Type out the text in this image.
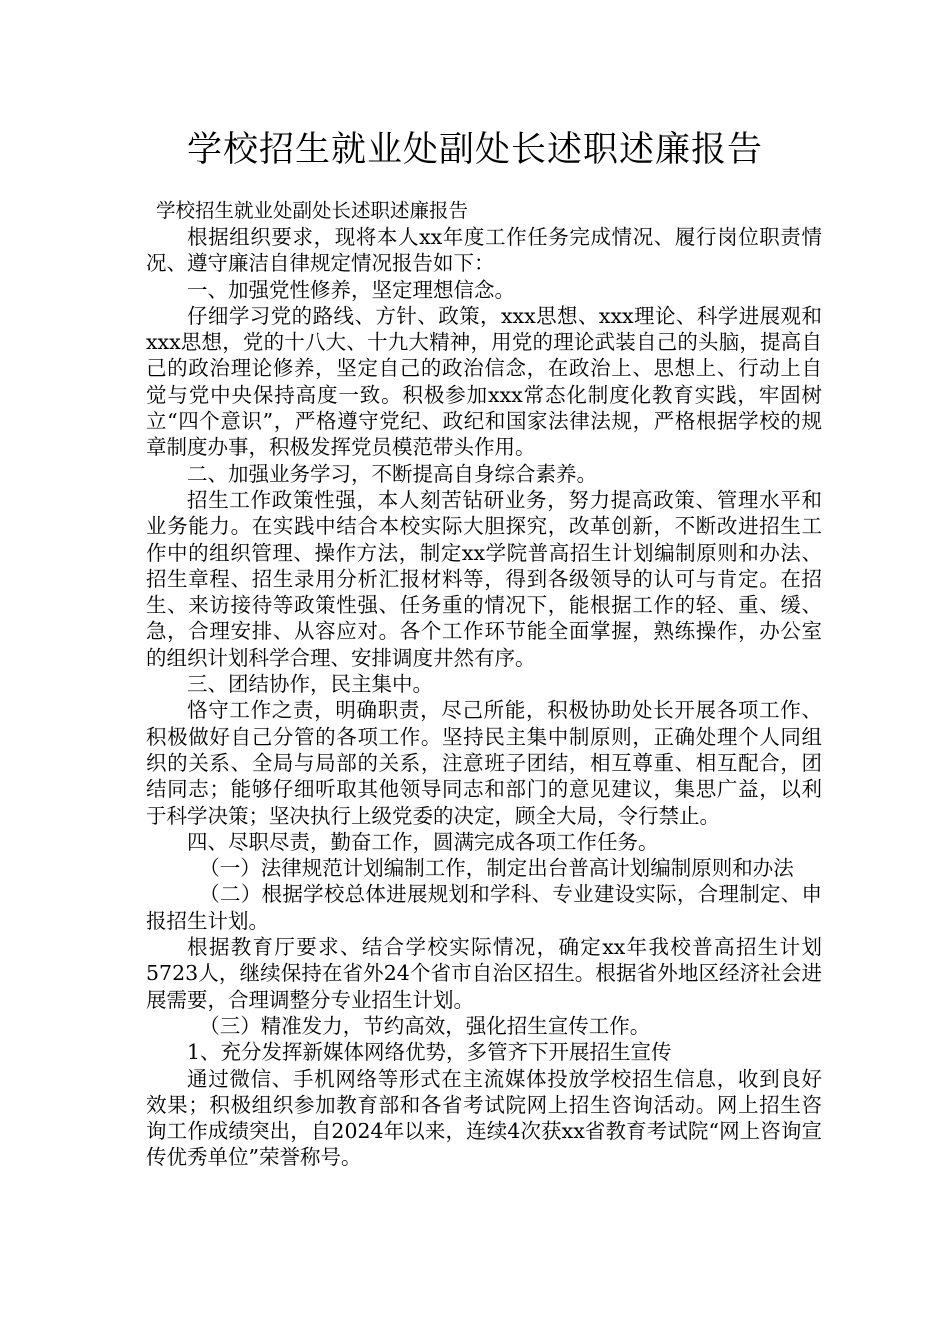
学校招生就业处副处长述职述廉报告

学校招生就业处副处长述职述廉报告

根据组织要求，现将本人xx年度工作任务完成情况、履行岗位职责情况、遵守廉洁自律规定情况报告如下：

一、加强党性修养，坚定理想信念。

仔细学习党的路线、方针、政策，xxx思想、xxx理论、科学进展观和xxx思想，党的十八大、十九大精神，用党的理论武装自己的头脑，提高自己的政治理论修养，坚定自己的政治信念，在政治上、思想上、行动上自觉与党中央保持高度一致。积极参加xxx常态化制度化教育实践，牢固树立“四个意识”，严格遵守党纪、政纪和国家法律法规，严格根据学校的规章制度办事，积极发挥党员模范带头作用。

二、加强业务学习，不断提高自身综合素养。

招生工作政策性强，本人刻苦钻研业务，努力提高政策、管理水平和业务能力。在实践中结合本校实际大胆探究，改革创新，不断改进招生工作中的组织管理、操作方法，制定xx学院普高招生计划编制原则和办法、招生章程、招生录用分析汇报材料等，得到各级领导的认可与肯定。在招生、来访接待等政策性强、任务重的情况下，能根据工作的轻、重、缓、急，合理安排、从容应对。各个工作环节能全面掌握，熟练操作，办公室的组织计划科学合理、安排调度井然有序。

三、团结协作，民主集中。

恪守工作之责，明确职责，尽己所能，积极协助处长开展各项工作、积极做好自己分管的各项工作。坚持民主集中制原则，正确处理个人同组织的关系、全局与局部的关系，注意班子团结，相互尊重、相互配合，团结同志；能够仔细听取其他领导同志和部门的意见建议，集思广益，以利于科学决策；坚决执行上级党委的决定，顾全大局，令行禁止。

四、尽职尽责，勤奋工作，圆满完成各项工作任务。

（一）法律规范计划编制工作，制定出台普高计划编制原则和办法

（二）根据学校总体进展规划和学科、专业建设实际，合理制定、申报招生计划。

根据教育厅要求、结合学校实际情况，确定xx年我校普高招生计划5723人，继续保持在省外24个省市自治区招生。根据省外地区经济社会进展需要，合理调整分专业招生计划。

（三）精准发力，节约高效，强化招生宣传工作。

1、充分发挥新媒体网络优势，多管齐下开展招生宣传

通过微信、手机网络等形式在主流媒体投放学校招生信息，收到良好效果；积极组织参加教育部和各省考试院网上招生咨询活动。网上招生咨询工作成绩突出，自2024年以来，连续4次获xx省教育考试院“网上咨询宣传优秀单位”荣誉称号。
